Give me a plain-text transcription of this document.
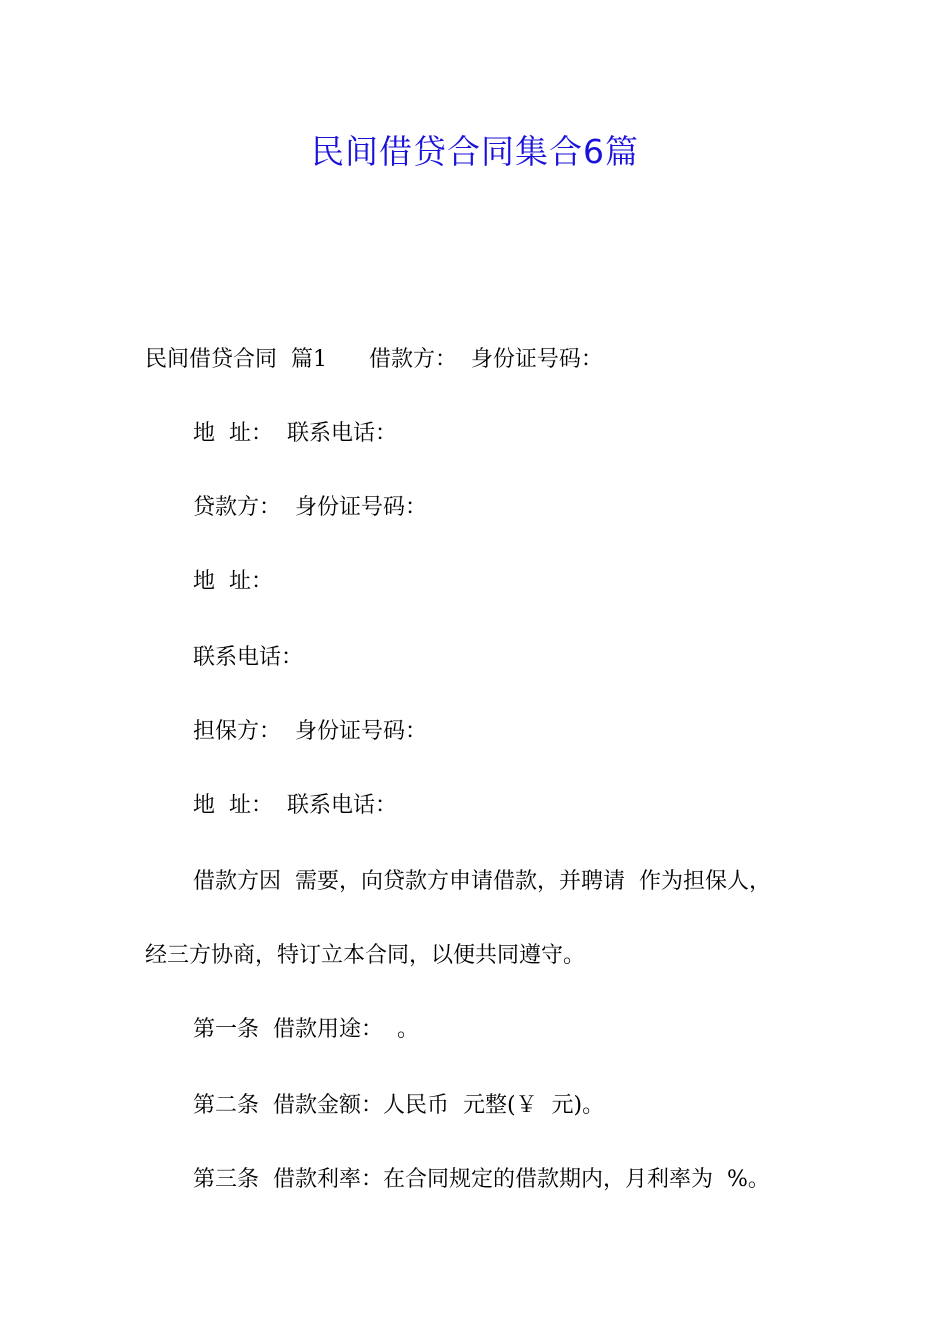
民间借贷合同集合6篇

民间借贷合同  篇1      借款方：  身份证号码：

地  址：  联系电话：

贷款方：  身份证号码：

地  址：

联系电话：

担保方：  身份证号码：

地  址：  联系电话：

借款方因  需要，向贷款方申请借款，并聘请  作为担保人，

经三方协商，特订立本合同，以便共同遵守。

第一条  借款用途：  。

第二条  借款金额：人民币  元整(￥  元)。

第三条  借款利率：在合同规定的借款期内，月利率为  %。
